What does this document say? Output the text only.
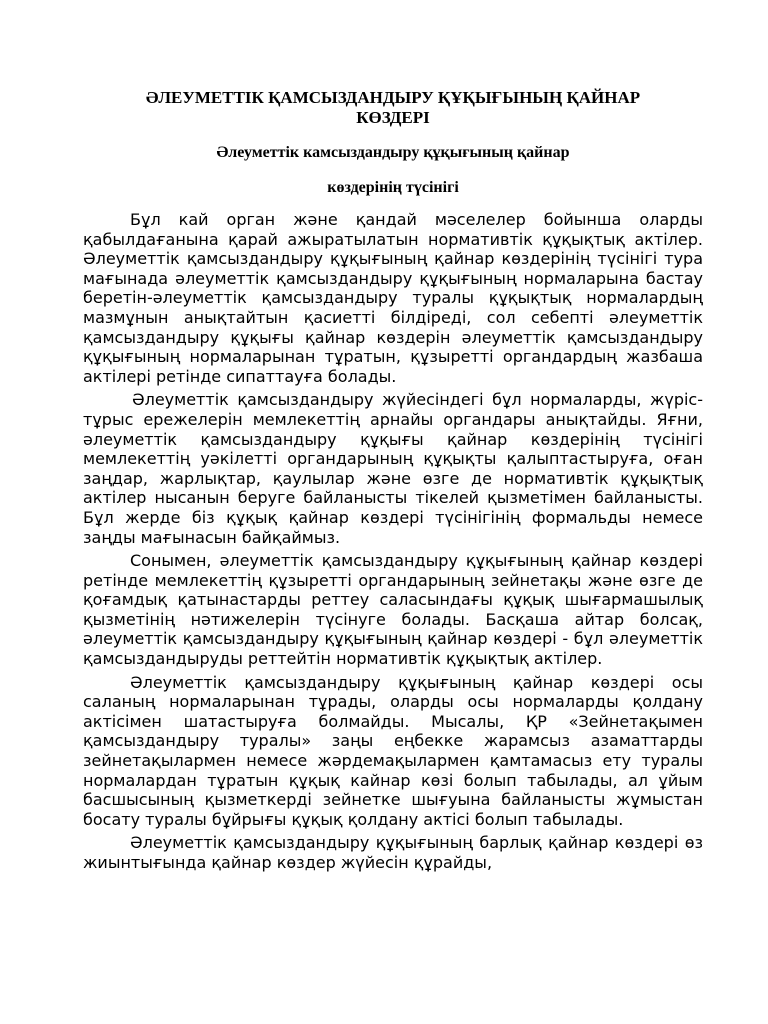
ӘЛЕУМЕТТІК ҚАМСЫЗДАНДЫРУ ҚҰҚЫҒЫНЫҢ ҚАЙНАР
КӨЗДЕРІ

Әлеуметтік камсыздандыру құқығының қайнар

көздерінің түсінігі

Бұл кай орган және қандай мәселелер бойынша оларды қабылдағанына қарай ажыратылатын нормативтік құқықтық актілер. Әлеуметтік қамсыздандыру құқығының қайнар көздерінің түсінігі тура мағынада әлеуметтік қамсыздандыру құқығының нормаларына бастау беретін-әлеуметтік қамсыздандыру туралы құқықтық нормалардың мазмұнын анықтайтын қасиетті білдіреді, сол себепті әлеуметтік қамсыздандыру құқығы қайнар көздерін әлеуметтік қамсыздандыру құқығының нормаларынан тұратын, құзыретті органдардың жазбаша актілері ретінде сипаттауға болады.

Әлеуметтік қамсыздандыру жүйесіндегі бұл нормаларды, жүріс-тұрыс ережелерін мемлекеттің арнайы органдары анықтайды. Яғни, әлеуметтік қамсыздандыру құқығы қайнар көздерінің түсінігі мемлекеттің уәкілетті органдарының құқықты қалыптастыруға, оған заңдар, жарлықтар, қаулылар және өзге де нормативтік құқықтық актілер нысанын беруге байланысты тікелей қызметімен байланысты. Бұл жерде біз құқық қайнар көздері түсінігінің формальды немесе заңды мағынасын байқаймыз.

Сонымен, әлеуметтік қамсыздандыру құқығының қайнар көздері ретінде мемлекеттің құзыретті органдарының зейнетақы және өзге де қоғамдық қатынастарды реттеу саласындағы құқық шығармашылық қызметінің нәтижелерін түсінуге болады. Басқаша айтар болсақ, әлеуметтік қамсыздандыру құқығының қайнар көздері - бұл әлеуметтік қамсыздандыруды реттейтін нормативтік құқықтық актілер.

Әлеуметтік қамсыздандыру құқығының қайнар көздері осы саланың нормаларынан тұрады, оларды осы нормаларды қолдану актісімен шатастыруға болмайды. Мысалы, ҚР «Зейнетақымен қамсыздандыру туралы» заңы еңбекке жарамсыз азаматтарды зейнетақылармен немесе жәрдемақылармен қамтамасыз ету туралы нормалардан тұратын құқық кайнар көзі болып табылады, ал ұйым басшысының қызметкерді зейнетке шығуына байланысты жұмыстан босату туралы бұйрығы құқық қолдану актісі болып табылады.

Әлеуметтік қамсыздандыру құқығының барлық қайнар көздері өз жиынтығында қайнар көздер жүйесін құрайды,
